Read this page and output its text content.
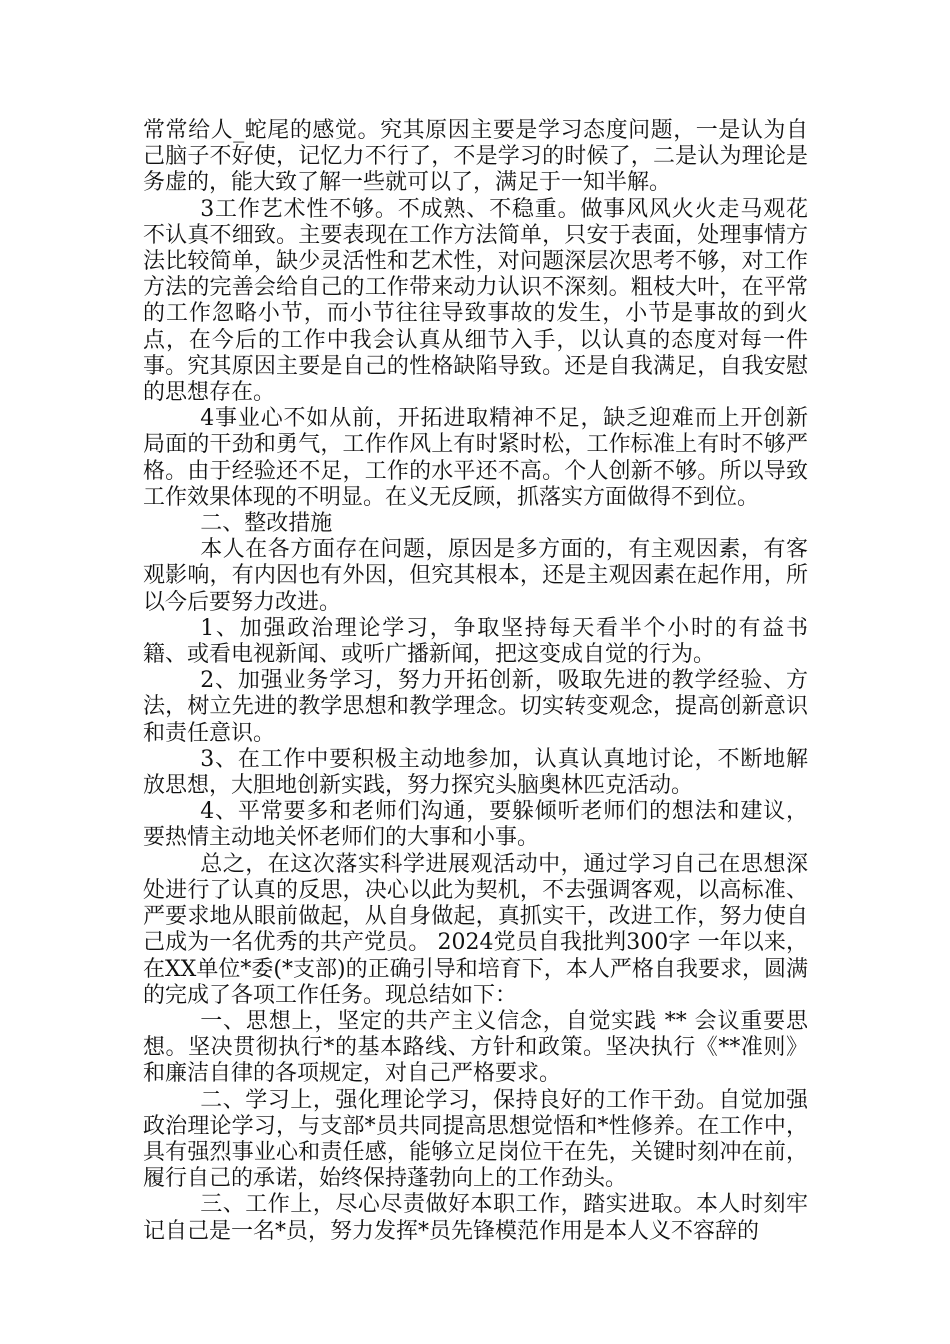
常常给人_蛇尾的感觉。究其原因主要是学习态度问题，一是认为自己脑子不好使，记忆力不行了，不是学习的时候了，二是认为理论是务虚的，能大致了解一些就可以了，满足于一知半解。

3工作艺术性不够。不成熟、不稳重。做事风风火火走马观花不认真不细致。主要表现在工作方法简单，只安于表面，处理事情方法比较简单，缺少灵活性和艺术性，对问题深层次思考不够，对工作方法的完善会给自己的工作带来动力认识不深刻。粗枝大叶，在平常的工作忽略小节，而小节往往导致事故的发生，小节是事故的到火点，在今后的工作中我会认真从细节入手，以认真的态度对每一件事。究其原因主要是自己的性格缺陷导致。还是自我满足，自我安慰的思想存在。

4事业心不如从前，开拓进取精神不足，缺乏迎难而上开创新局面的干劲和勇气，工作作风上有时紧时松，工作标准上有时不够严格。由于经验还不足，工作的水平还不高。个人创新不够。所以导致工作效果体现的不明显。在义无反顾，抓落实方面做得不到位。

二、整改措施

本人在各方面存在问题，原因是多方面的，有主观因素，有客观影响，有内因也有外因，但究其根本，还是主观因素在起作用，所以今后要努力改进。

1、加强政治理论学习，争取坚持每天看半个小时的有益书籍、或看电视新闻、或听广播新闻，把这变成自觉的行为。

2、加强业务学习，努力开拓创新，吸取先进的教学经验、方法，树立先进的教学思想和教学理念。切实转变观念，提高创新意识和责任意识。

3、在工作中要积极主动地参加，认真认真地讨论，不断地解放思想，大胆地创新实践，努力探究头脑奥林匹克活动。

4、平常要多和老师们沟通，要躲倾听老师们的想法和建议，要热情主动地关怀老师们的大事和小事。

总之，在这次落实科学进展观活动中，通过学习自己在思想深处进行了认真的反思，决心以此为契机，不去强调客观，以高标准、严要求地从眼前做起，从自身做起，真抓实干，改进工作，努力使自己成为一名优秀的共产党员。 2024党员自我批判300字 一年以来，在XX单位*委(*支部)的正确引导和培育下，本人严格自我要求，圆满的完成了各项工作任务。现总结如下：

一、思想上，坚定的共产主义信念，自觉实践 ** 会议重要思想。坚决贯彻执行*的基本路线、方针和政策。坚决执行《**准则》和廉洁自律的各项规定，对自己严格要求。

二、学习上，强化理论学习，保持良好的工作干劲。自觉加强政治理论学习，与支部*员共同提高思想觉悟和*性修养。在工作中，具有强烈事业心和责任感，能够立足岗位干在先，关键时刻冲在前，履行自己的承诺，始终保持蓬勃向上的工作劲头。

三、工作上，尽心尽责做好本职工作，踏实进取。本人时刻牢记自己是一名*员，努力发挥*员先锋模范作用是本人义不容辞的
